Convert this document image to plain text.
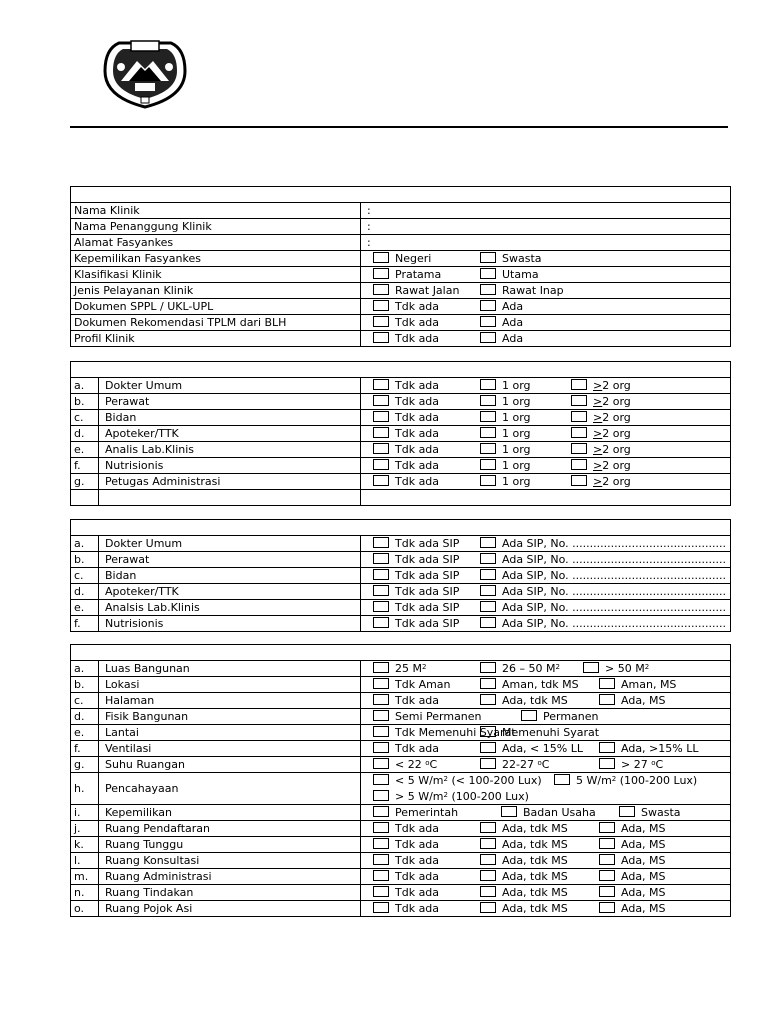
Nama Klinik	:
Nama Penanggung Klinik	:
Alamat Fasyankes	:
Kepemilikan Fasyankes	Negeri Swasta

Klasifikasi Klinik	Pratama Utama

Jenis Pelayanan Klinik	Rawat Jalan Rawat Inap

Dokumen SPPL / UKL-UPL	Tdk ada Ada

Dokumen Rekomendasi TPLM dari BLH	Tdk ada Ada

Profil Klinik	Tdk ada Ada

a.	Dokter Umum	Tdk ada 1 org >2 org

b.	Perawat	Tdk ada 1 org >2 org

c.	Bidan	Tdk ada 1 org >2 org

d.	Apoteker/TTK	Tdk ada 1 org >2 org

e.	Analis Lab.Klinis	Tdk ada 1 org >2 org

f.	Nutrisionis	Tdk ada 1 org >2 org

g.	Petugas Administrasi	Tdk ada 1 org >2 org

a.	Dokter Umum	Tdk ada SIP Ada SIP, No. ............................................

b.	Perawat	Tdk ada SIP Ada SIP, No. ............................................

c.	Bidan	Tdk ada SIP Ada SIP, No. ............................................

d.	Apoteker/TTK	Tdk ada SIP Ada SIP, No. ............................................

e.	Analsis Lab.Klinis	Tdk ada SIP Ada SIP, No. ............................................

f.	Nutrisionis	Tdk ada SIP Ada SIP, No. ............................................

a.	Luas Bangunan	25 $M^2$ 26 – 50 $M^2 > 50$ $M^2$

b.	Lokasi	Tdk Aman Aman, tdk MS Aman, MS

c.	Halaman	Tdk ada Ada, tdk MS Ada, MS

d.	Fisik Bangunan	Semi Permanen Permanen

e.	Lantai	Tdk Memenuhi Syarat
Memenuhi Syarat

f.	Ventilasi	Tdk ada Ada, < 15% LL Ada, >15% LL

g.	Suhu Ruangan	< 22 $^o$C 22-27 $^o$C > 27 $^o$C

h.	Pencahayaan	< 5 $W/m^2$ (< 100-200 Lux) 5 $W/m^2$ (100-200 Lux)
> 5 $W/m^2$ (100-200 Lux)

i.	Kepemilikan	Pemerintah Badan Usaha Swasta

j.	Ruang Pendaftaran	Tdk ada Ada, tdk MS Ada, MS

k.	Ruang Tunggu	Tdk ada Ada, tdk MS Ada, MS

l.	Ruang Konsultasi	Tdk ada Ada, tdk MS Ada, MS

m.	Ruang Administrasi	Tdk ada Ada, tdk MS Ada, MS

n.	Ruang Tindakan	Tdk ada Ada, tdk MS Ada, MS

o.	Ruang Pojok Asi	Tdk ada Ada, tdk MS Ada, MS
